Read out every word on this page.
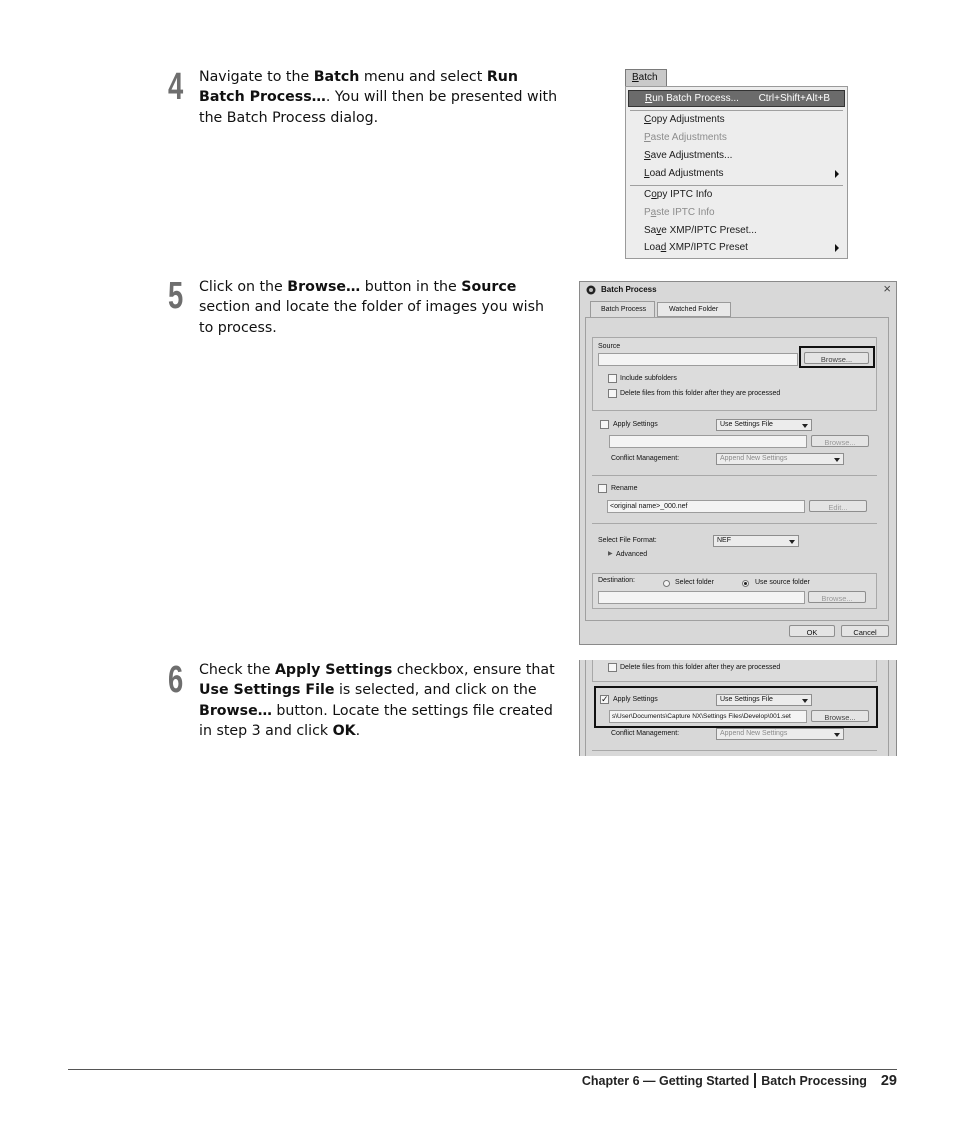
4 Navigate to the Batch menu and select Run Batch Process…. You will then be presented with the Batch Process dialog.
Batch
Run Batch Process... Ctrl+Shift+Alt+B
Copy Adjustments
Paste Adjustments
Save Adjustments...
Load Adjustments
Copy IPTC Info
Paste IPTC Info
Save XMP/IPTC Preset...
Load XMP/IPTC Preset
5 Click on the Browse… button in the Source section and locate the folder of images you wish to process.
Batch Process	×
Batch Process	Watched Folder
Source
Browse...
Include subfolders
Delete files from this folder after they are processed
Apply Settings	Use Settings File
Browse...
Conflict Management:	Append New Settings
Rename
<original name>_000.nef	Edit...
Select File Format:	NEF
▶ Advanced
Destination:	Select folder	Use source folder
Browse...
OK	Cancel
6 Check the Apply Settings checkbox, ensure that Use Settings File is selected, and click on the Browse… button. Locate the settings file created in step 3 and click OK.
Delete files from this folder after they are processed
✓ Apply Settings	Use Settings File
s\User\Documents\Capture NX\Settings Files\Develop\001.set	Browse...
Conflict Management:	Append New Settings
Chapter 6 — Getting Started Batch Processing 29
